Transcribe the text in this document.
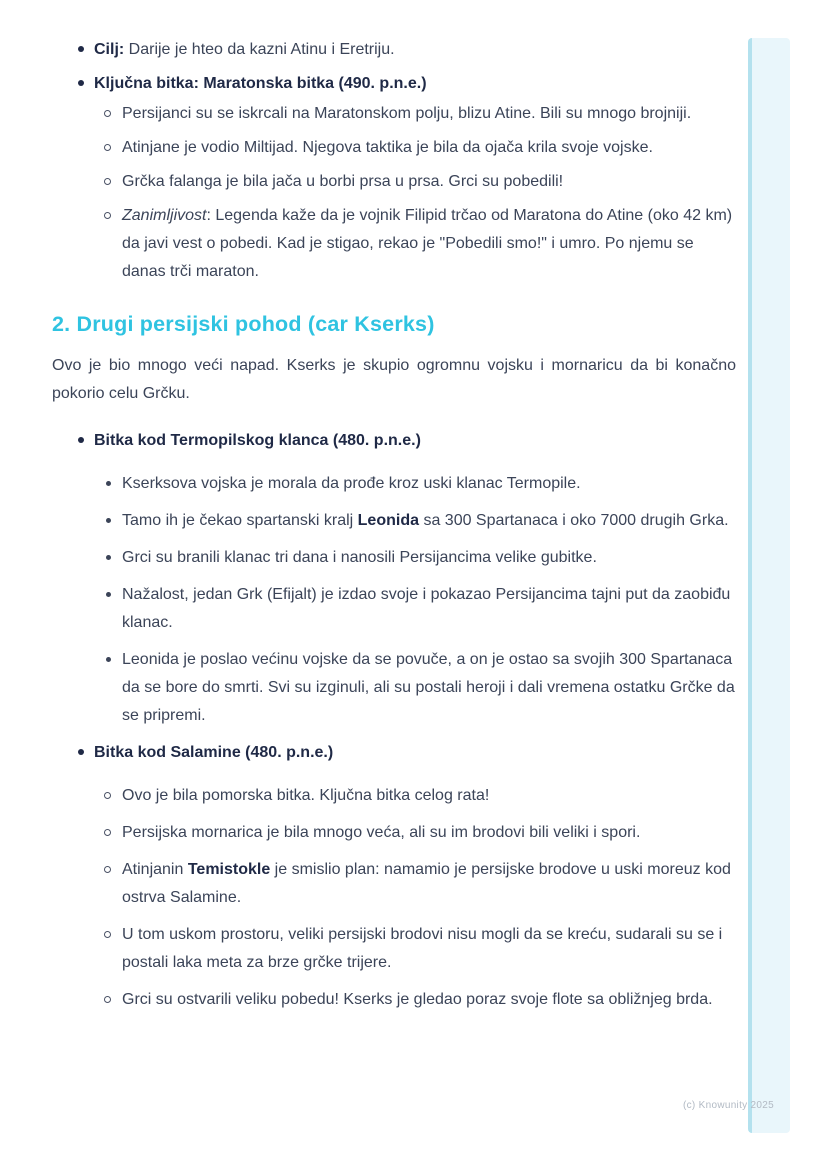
Cilj: Darije je hteo da kazni Atinu i Eretriju.
Ključna bitka: Maratonska bitka (490. p.n.e.)
Persijanci su se iskrcali na Maratonskom polju, blizu Atine. Bili su mnogo brojniji.
Atinjane je vodio Miltijad. Njegova taktika je bila da ojača krila svoje vojske.
Grčka falanga je bila jača u borbi prsa u prsa. Grci su pobedili!
Zanimljivost: Legenda kaže da je vojnik Filipid trčao od Maratona do Atine (oko 42 km) da javi vest o pobedi. Kad je stigao, rekao je "Pobedili smo!" i umro. Po njemu se danas trči maraton.
2. Drugi persijski pohod (car Kserks)

Ovo je bio mnogo veći napad. Kserks je skupio ogromnu vojsku i mornaricu da bi konačno pokorio celu Grčku.

Bitka kod Termopilskog klanca (480. p.n.e.)
Kserksova vojska je morala da prođe kroz uski klanac Termopile.
Tamo ih je čekao spartanski kralj Leonida sa 300 Spartanaca i oko 7000 drugih Grka.
Grci su branili klanac tri dana i nanosili Persijancima velike gubitke.
Nažalost, jedan Grk (Efijalt) je izdao svoje i pokazao Persijancima tajni put da zaobiđu klanac.
Leonida je poslao većinu vojske da se povuče, a on je ostao sa svojih 300 Spartanaca da se bore do smrti. Svi su izginuli, ali su postali heroji i dali vremena ostatku Grčke da se pripremi.
Bitka kod Salamine (480. p.n.e.)
Ovo je bila pomorska bitka. Ključna bitka celog rata!
Persijska mornarica je bila mnogo veća, ali su im brodovi bili veliki i spori.
Atinjanin Temistokle je smislio plan: namamio je persijske brodove u uski moreuz kod ostrva Salamine.
U tom uskom prostoru, veliki persijski brodovi nisu mogli da se kreću, sudarali su se i postali laka meta za brze grčke trijere.
Grci su ostvarili veliku pobedu! Kserks je gledao poraz svoje flote sa obližnjeg brda.
(c) Knowunity 2025
